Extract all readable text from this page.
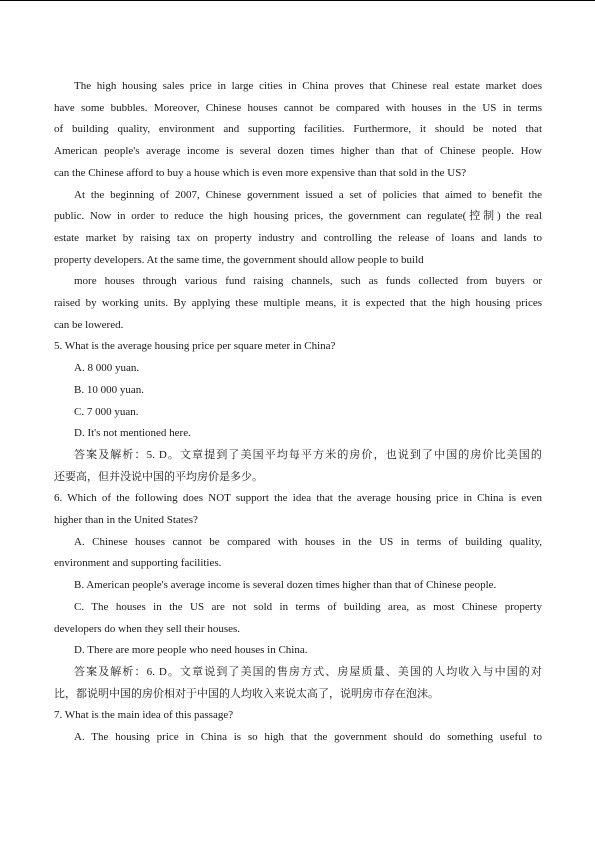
The high housing sales price in large cities in China proves that Chinese real estate market does

have some bubbles. Moreover, Chinese houses cannot be compared with houses in the US in terms

of building quality, environment and supporting facilities. Furthermore, it should be noted that

American people's average income is several dozen times higher than that of Chinese people. How

can the Chinese afford to buy a house which is even more expensive than that sold in the US?

At the beginning of 2007, Chinese government issued a set of policies that aimed to benefit the

public. Now in order to reduce the high housing prices, the government can regulate(控制) the real

estate market by raising tax on property industry and controlling the release of loans and lands to

property developers. At the same time, the government should allow people to build

more houses through various fund raising channels, such as funds collected from buyers or

raised by working units. By applying these multiple means, it is expected that the high housing prices

can be lowered.

5. What is the average housing price per square meter in China?

A. 8 000 yuan.

B. 10 000 yuan.

C. 7 000 yuan.

D. It's not mentioned here.

答案及解析：5. D。文章提到了美国平均每平方米的房价，也说到了中国的房价比美国的

还要高，但并没说中国的平均房价是多少。

6. Which of the following does NOT support the idea that the average housing price in China is even

higher than in the United States?

A. Chinese houses cannot be compared with houses in the US in terms of building quality,

environment and supporting facilities.

B. American people's average income is several dozen times higher than that of Chinese people.

C. The houses in the US are not sold in terms of building area, as most Chinese property

developers do when they sell their houses.

D. There are more people who need houses in China.

答案及解析：6. D。文章说到了美国的售房方式、房屋质量、美国的人均收入与中国的对

比，都说明中国的房价相对于中国的人均收入来说太高了，说明房市存在泡沫。

7. What is the main idea of this passage?

A. The housing price in China is so high that the government should do something useful to
